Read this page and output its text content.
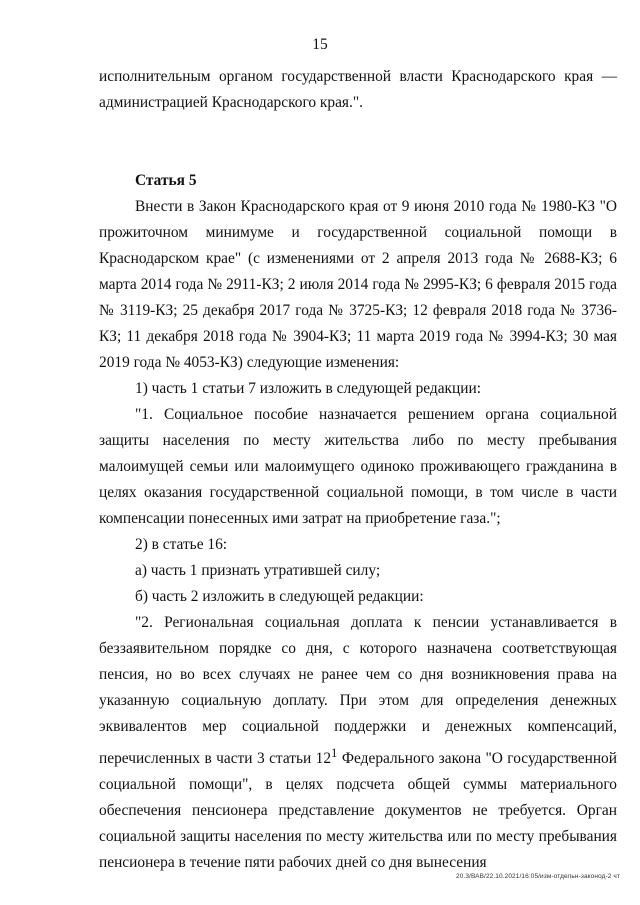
15

исполнительным органом государственной власти Краснодарского края — администрацией Краснодарского края.".

Статья 5

Внести в Закон Краснодарского края от 9 июня 2010 года № 1980-КЗ "О прожиточном минимуме и государственной социальной помощи в Краснодарском крае" (с изменениями от 2 апреля 2013 года № 2688-КЗ; 6 марта 2014 года № 2911-КЗ; 2 июля 2014 года № 2995-КЗ; 6 февраля 2015 года № 3119-КЗ; 25 декабря 2017 года № 3725-КЗ; 12 февраля 2018 года № 3736-КЗ; 11 декабря 2018 года № 3904-КЗ; 11 марта 2019 года № 3994-КЗ; 30 мая 2019 года № 4053-КЗ) следующие изменения:

1) часть 1 статьи 7 изложить в следующей редакции:

"1. Социальное пособие назначается решением органа социальной защиты населения по месту жительства либо по месту пребывания малоимущей семьи или малоимущего одиноко проживающего гражданина в целях оказания государственной социальной помощи, в том числе в части компенсации понесенных ими затрат на приобретение газа.";

2) в статье 16:

а) часть 1 признать утратившей силу;

б) часть 2 изложить в следующей редакции:

"2. Региональная социальная доплата к пенсии устанавливается в беззаявительном порядке со дня, с которого назначена соответствующая пенсия, но во всех случаях не ранее чем со дня возникновения права на указанную социальную доплату. При этом для определения денежных эквивалентов мер социальной поддержки и денежных компенсаций, перечисленных в части 3 статьи $12^1$ Федерального закона "О государственной социальной помощи", в целях подсчета общей суммы материального обеспечения пенсионера представление документов не требуется. Орган социальной защиты населения по месту жительства или по месту пребывания пенсионера в течение пяти рабочих дней со дня вынесения

20.3/ВАВ/22.10.2021/16:05/изм-отдельн-законод-2 чт
